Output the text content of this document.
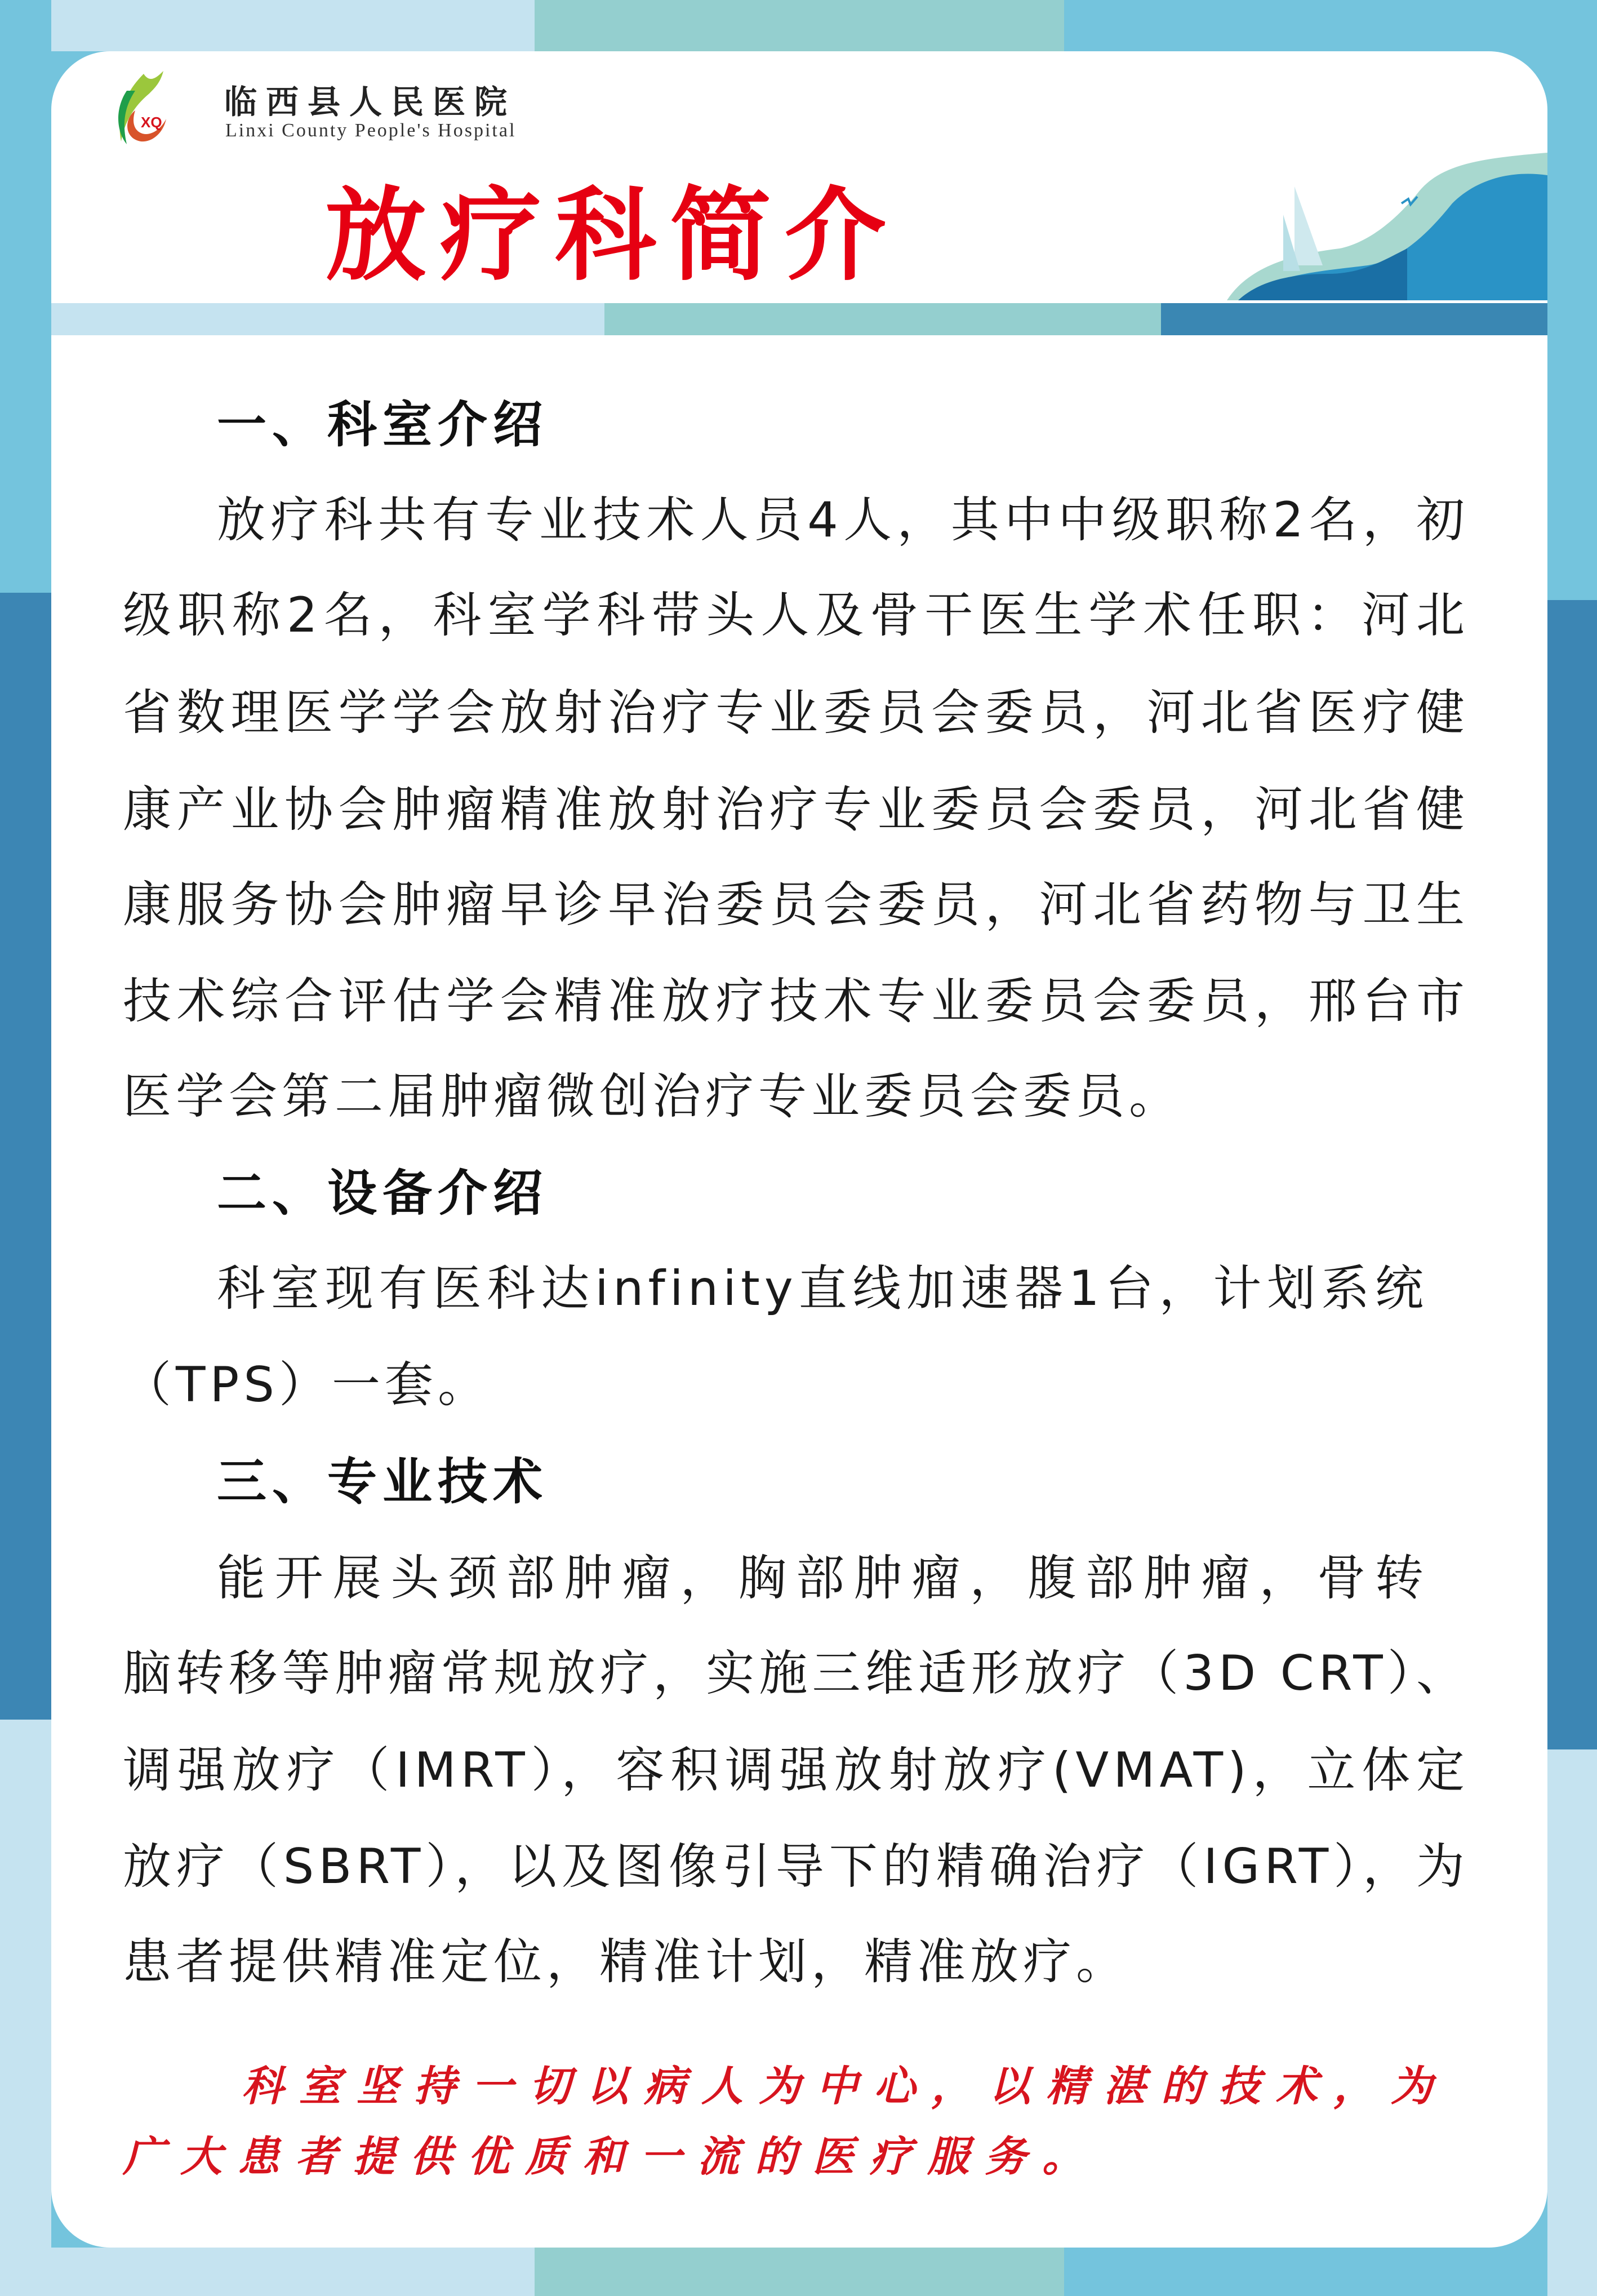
XQ
临西县人民医院
Linxi County People's Hospital
放疗科简介
一、科室介绍
放疗科共有专业技术人员4人，其中中级职称2名，初
级职称2名，科室学科带头人及骨干医生学术任职：河北
省数理医学学会放射治疗专业委员会委员，河北省医疗健
康产业协会肿瘤精准放射治疗专业委员会委员，河北省健
康服务协会肿瘤早诊早治委员会委员，河北省药物与卫生
技术综合评估学会精准放疗技术专业委员会委员，邢台市
医学会第二届肿瘤微创治疗专业委员会委员。
二、设备介绍
科室现有医科达infinity直线加速器1台，计划系统
（TPS）一套。
三、专业技术
能开展头颈部肿瘤，胸部肿瘤，腹部肿瘤，骨转
脑转移等肿瘤常规放疗，实施三维适形放疗（3D CRT）、
调强放疗（IMRT），容积调强放射放疗(VMAT)，立体定
放疗（SBRT），以及图像引导下的精确治疗（IGRT），为
患者提供精准定位，精准计划，精准放疗。
科室坚持一切以病人为中心，以精湛的技术，为
广大患者提供优质和一流的医疗服务。
